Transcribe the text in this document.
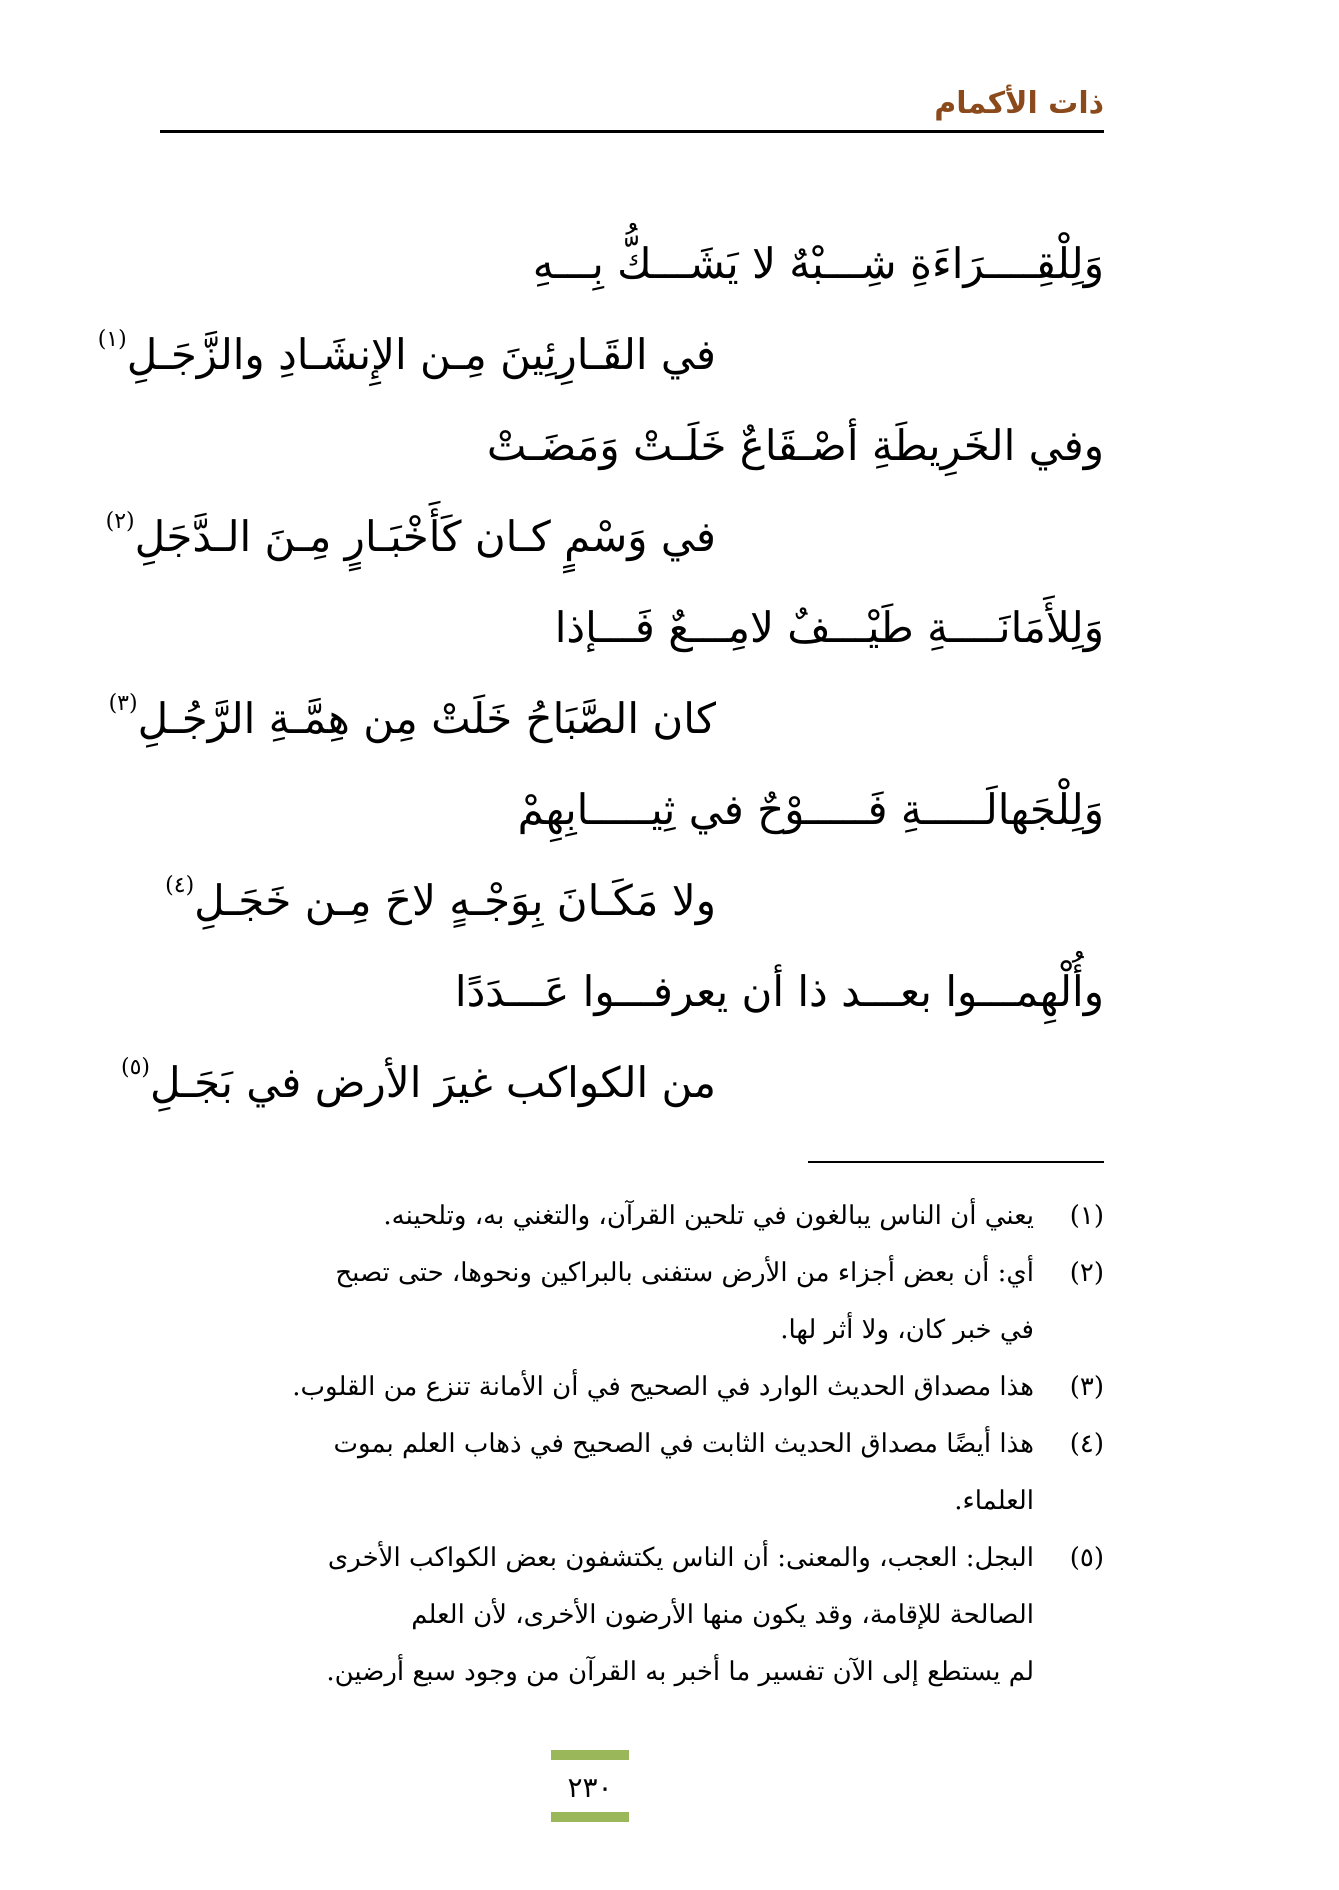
ذات الأكمام
وَلِلْقِــــرَاءَةِ شِـــبْهٌ لا يَشَـــكُّ بِـــهِ
في القَـارِئِينَ مِـن الإِنشَـادِ والزَّجَـلِ$^{(١)}$
وفي الخَرِيطَةِ أصْـقَاعٌ خَلَـتْ وَمَضَـتْ
في وَسْمٍ كـان كَأَخْبَـارٍ مِـنَ الـدَّجَلِ$^{(٢)}$
وَلِلأَمَانَــــةِ طَيْـــفٌ لامِـــعٌ فَـــإذا
كان الصَّبَاحُ خَلَتْ مِن هِمَّـةِ الرَّجُـلِ$^{(٣)}$
وَلِلْجَهالَـــــةِ فَـــــوْحٌ في ثِيـــــابِهِمْ
ولا مَكَـانَ بِوَجْـهٍ لاحَ مِـن خَجَـلِ$^{(٤)}$
وأُلْهِمـــوا بعـــد ذا أن يعرفـــوا عَـــدَدًا
من الكواكب غيرَ الأرض في بَجَـلِ$^{(٥)}$
(١)
يعني أن الناس يبالغون في تلحين القرآن، والتغني به، وتلحينه.
(٢)
أي: أن بعض أجزاء من الأرض ستفنى بالبراكين ونحوها، حتى تصبح
في خبر كان، ولا أثر لها.
(٣)
هذا مصداق الحديث الوارد في الصحيح في أن الأمانة تنزع من القلوب.
(٤)
هذا أيضًا مصداق الحديث الثابت في الصحيح في ذهاب العلم بموت
العلماء.
(٥)
البجل: العجب، والمعنى: أن الناس يكتشفون بعض الكواكب الأخرى
الصالحة للإقامة، وقد يكون منها الأرضون الأخرى، لأن العلم
لم يستطع إلى الآن تفسير ما أخبر به القرآن من وجود سبع أرضين.
٢٣٠
